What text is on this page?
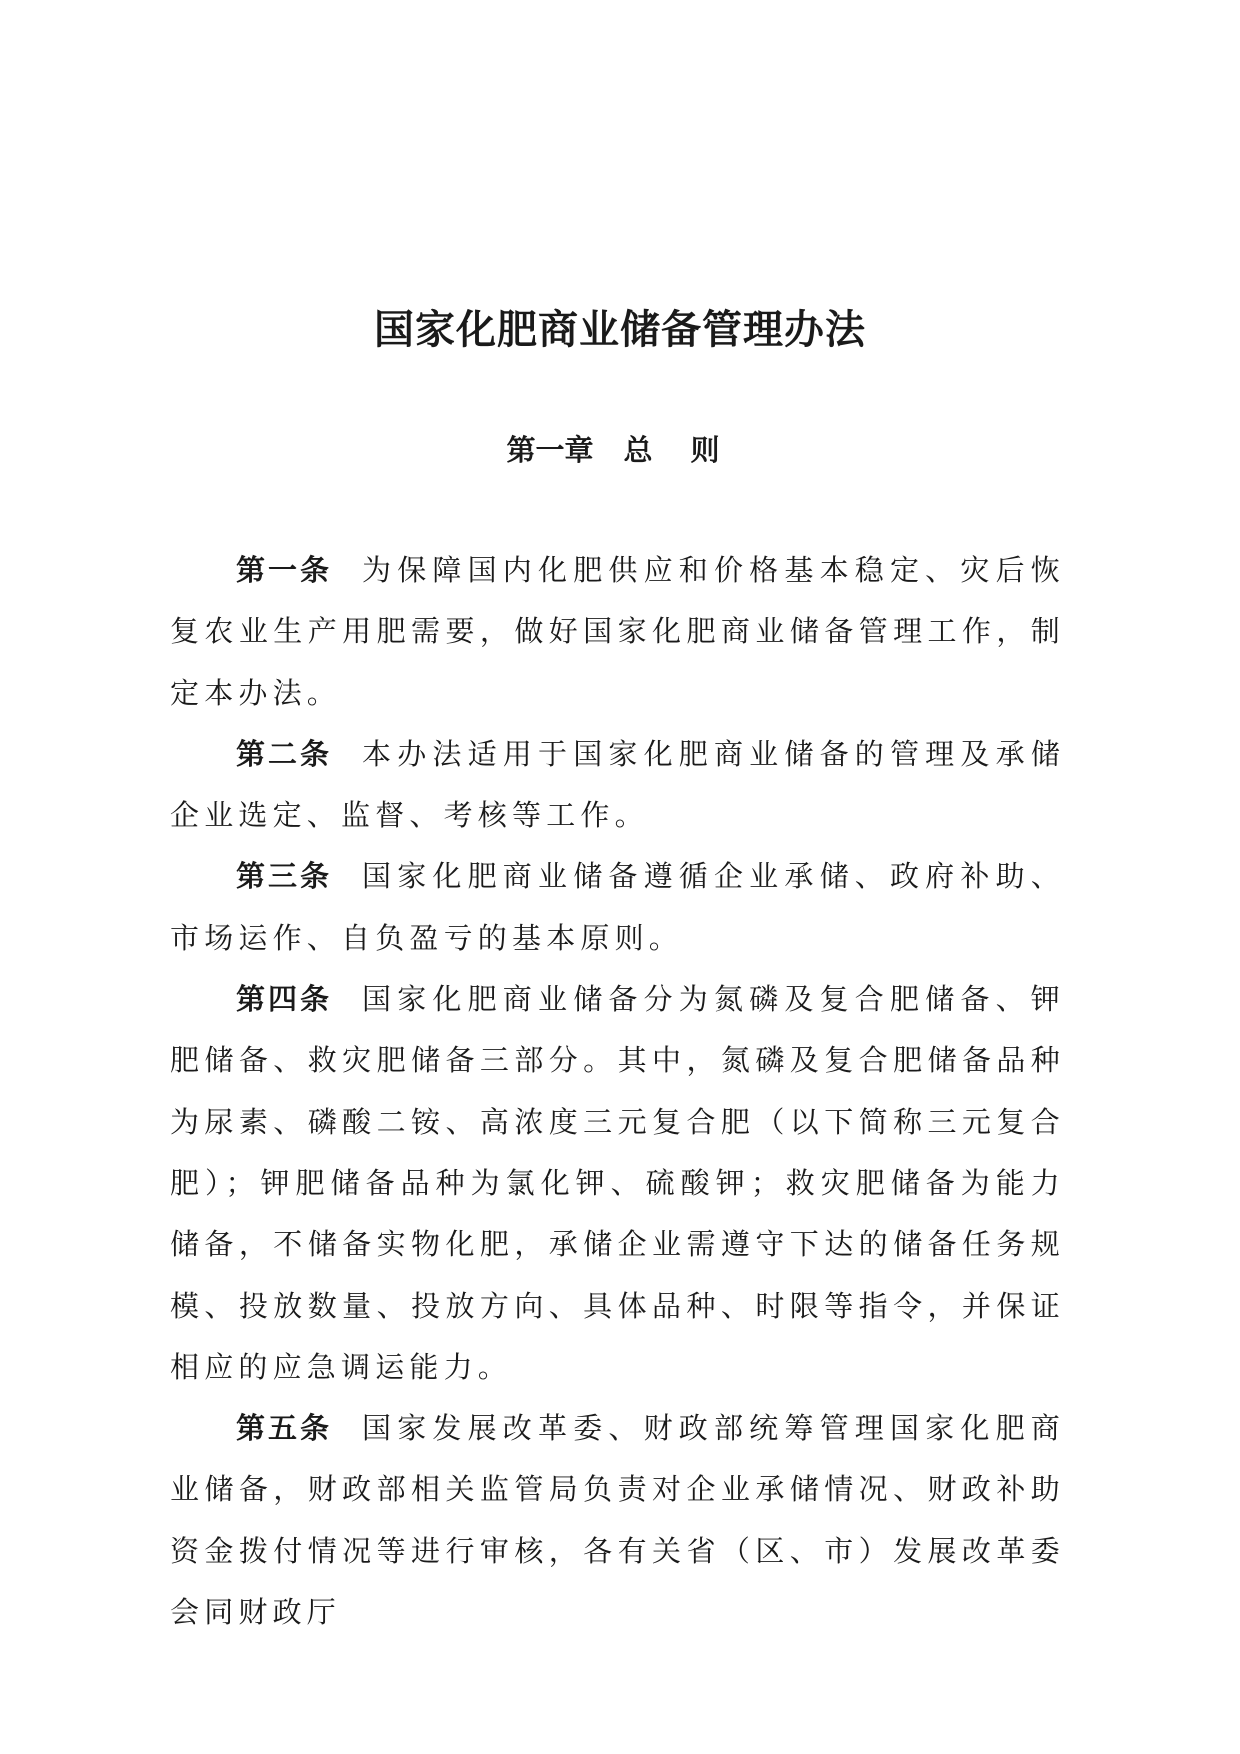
国家化肥商业储备管理办法
第一章 总 则

第一条 为保障国内化肥供应和价格基本稳定、灾后恢复农业生产用肥需要，做好国家化肥商业储备管理工作，制定本办法。

第二条 本办法适用于国家化肥商业储备的管理及承储企业选定、监督、考核等工作。

第三条 国家化肥商业储备遵循企业承储、政府补助、市场运作、自负盈亏的基本原则。

第四条 国家化肥商业储备分为氮磷及复合肥储备、钾肥储备、救灾肥储备三部分。其中，氮磷及复合肥储备品种为尿素、磷酸二铵、高浓度三元复合肥（以下简称三元复合肥）；钾肥储备品种为氯化钾、硫酸钾；救灾肥储备为能力储备，不储备实物化肥，承储企业需遵守下达的储备任务规模、投放数量、投放方向、具体品种、时限等指令，并保证相应的应急调运能力。

第五条 国家发展改革委、财政部统筹管理国家化肥商业储备，财政部相关监管局负责对企业承储情况、财政补助资金拨付情况等进行审核，各有关省（区、市）发展改革委会同财政厅
